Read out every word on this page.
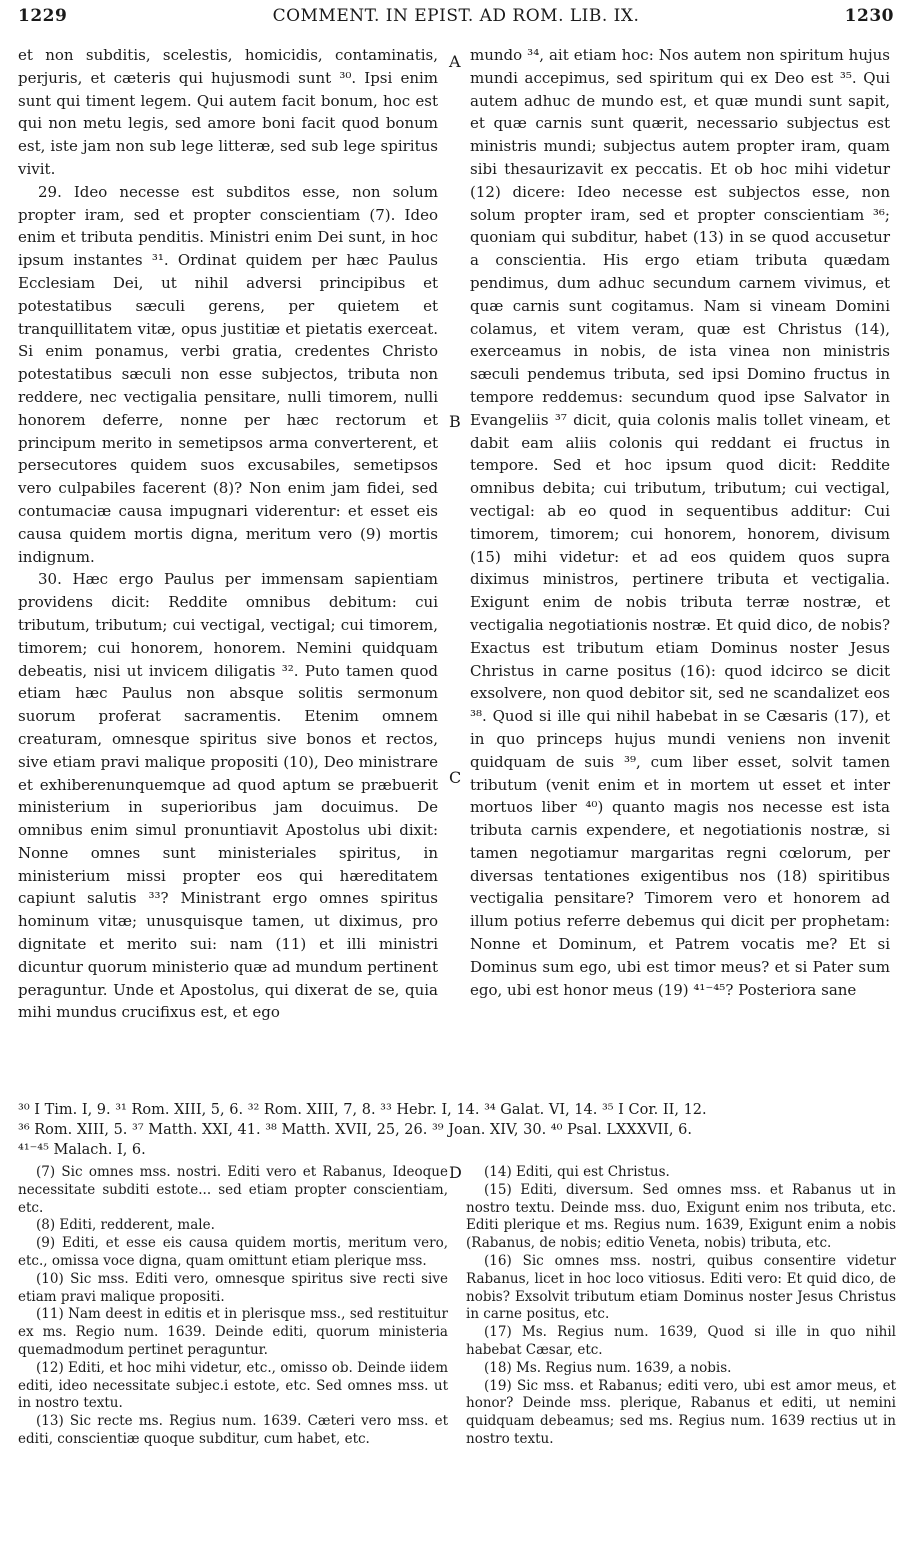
1229	COMMENT. IN EPIST. AD ROM. LIB. IX.	1230

et non subditis, scelestis, homicidis, contaminatis, perjuris, et cæteris qui hujusmodi sunt ³⁰. Ipsi enim sunt qui timent legem. Qui autem facit bonum, hoc est qui non metu legis, sed amore boni facit quod bonum est, iste jam non sub lege litteræ, sed sub lege spiritus vivit.

29. Ideo necesse est subditos esse, non solum propter iram, sed et propter conscientiam (7). Ideo enim et tributa penditis. Ministri enim Dei sunt, in hoc ipsum instantes ³¹. Ordinat quidem per hæc Paulus Ecclesiam Dei, ut nihil adversi principibus et potestatibus sæculi gerens, per quietem et tranquillitatem vitæ, opus justitiæ et pietatis exerceat. Si enim ponamus, verbi gratia, credentes Christo potestatibus sæculi non esse subjectos, tributa non reddere, nec vectigalia pensitare, nulli timorem, nulli honorem deferre, nonne per hæc rectorum et principum merito in semetipsos arma converterent, et persecutores quidem suos excusabiles, semetipsos vero culpabiles facerent (8)? Non enim jam fidei, sed contumaciæ causa impugnari viderentur: et esset eis causa quidem mortis digna, meritum vero (9) mortis indignum.

30. Hæc ergo Paulus per immensam sapientiam providens dicit: Reddite omnibus debitum: cui tributum, tributum; cui vectigal, vectigal; cui timorem, timorem; cui honorem, honorem. Nemini quidquam debeatis, nisi ut invicem diligatis ³². Puto tamen quod etiam hæc Paulus non absque solitis sermonum suorum proferat sacramentis. Etenim omnem creaturam, omnesque spiritus sive bonos et rectos, sive etiam pravi malique propositi (10), Deo ministrare et exhiberenunquemque ad quod aptum se præbuerit ministerium in superioribus jam docuimus. De omnibus enim simul pronuntiavit Apostolus ubi dixit: Nonne omnes sunt ministeriales spiritus, in ministerium missi propter eos qui hæreditatem capiunt salutis ³³? Ministrant ergo omnes spiritus hominum vitæ; unusquisque tamen, ut diximus, pro dignitate et merito sui: nam (11) et illi ministri dicuntur quorum ministerio quæ ad mundum pertinent peraguntur. Unde et Apostolus, qui dixerat de se, quia mihi mundus crucifixus est, et ego

mundo ³⁴, ait etiam hoc: Nos autem non spiritum hujus mundi accepimus, sed spiritum qui ex Deo est ³⁵. Qui autem adhuc de mundo est, et quæ mundi sunt sapit, et quæ carnis sunt quærit, necessario subjectus est ministris mundi; subjectus autem propter iram, quam sibi thesaurizavit ex peccatis. Et ob hoc mihi videtur (12) dicere: Ideo necesse est subjectos esse, non solum propter iram, sed et propter conscientiam ³⁶; quoniam qui subditur, habet (13) in se quod accusetur a conscientia. His ergo etiam tributa quædam pendimus, dum adhuc secundum carnem vivimus, et quæ carnis sunt cogitamus. Nam si vineam Domini colamus, et vitem veram, quæ est Christus (14), exerceamus in nobis, de ista vinea non ministris sæculi pendemus tributa, sed ipsi Domino fructus in tempore reddemus: secundum quod ipse Salvator in Evangeliis ³⁷ dicit, quia colonis malis tollet vineam, et dabit eam aliis colonis qui reddant ei fructus in tempore. Sed et hoc ipsum quod dicit: Reddite omnibus debita; cui tributum, tributum; cui vectigal, vectigal: ab eo quod in sequentibus additur: Cui timorem, timorem; cui honorem, honorem, divisum (15) mihi videtur: et ad eos quidem quos supra diximus ministros, pertinere tributa et vectigalia. Exigunt enim de nobis tributa terræ nostræ, et vectigalia negotiationis nostræ. Et quid dico, de nobis? Exactus est tributum etiam Dominus noster Jesus Christus in carne positus (16): quod idcirco se dicit exsolvere, non quod debitor sit, sed ne scandalizet eos ³⁸. Quod si ille qui nihil habebat in se Cæsaris (17), et in quo princeps hujus mundi veniens non invenit quidquam de suis ³⁹, cum liber esset, solvit tamen tributum (venit enim et in mortem ut esset et inter mortuos liber ⁴⁰) quanto magis nos necesse est ista tributa carnis expendere, et negotiationis nostræ, si tamen negotiamur margaritas regni cœlorum, per diversas tentationes exigentibus nos (18) spiritibus vectigalia pensitare? Timorem vero et honorem ad illum potius referre debemus qui dicit per prophetam: Nonne et Dominum, et Patrem vocatis me? Et si Dominus sum ego, ubi est timor meus? et si Pater sum ego, ubi est honor meus (19) ⁴¹⁻⁴⁵? Posteriora sane

A
B
C
D
³⁰ I Tim. I, 9. ³¹ Rom. XIII, 5, 6. ³² Rom. XIII, 7, 8. ³³ Hebr. I, 14. ³⁴ Galat. VI, 14. ³⁵ I Cor. II, 12.
³⁶ Rom. XIII, 5. ³⁷ Matth. XXI, 41. ³⁸ Matth. XVII, 25, 26. ³⁹ Joan. XIV, 30. ⁴⁰ Psal. LXXXVII, 6.
⁴¹⁻⁴⁵ Malach. I, 6.

(7) Sic omnes mss. nostri. Editi vero et Rabanus, Ideoque necessitate subditi estote... sed etiam propter conscientiam, etc.

(8) Editi, redderent, male.

(9) Editi, et esse eis causa quidem mortis, meritum vero, etc., omissa voce digna, quam omittunt etiam plerique mss.

(10) Sic mss. Editi vero, omnesque spiritus sive recti sive etiam pravi malique propositi.

(11) Nam deest in editis et in plerisque mss., sed restituitur ex ms. Regio num. 1639. Deinde editi, quorum ministeria quemadmodum pertinet peraguntur.

(12) Editi, et hoc mihi videtur, etc., omisso ob. Deinde iidem editi, ideo necessitate subjec.i estote, etc. Sed omnes mss. ut in nostro textu.

(13) Sic recte ms. Regius num. 1639. Cæteri vero mss. et editi, conscientiæ quoque subditur, cum habet, etc.

(14) Editi, qui est Christus.

(15) Editi, diversum. Sed omnes mss. et Rabanus ut in nostro textu. Deinde mss. duo, Exigunt enim nos tributa, etc. Editi plerique et ms. Regius num. 1639, Exigunt enim a nobis (Rabanus, de nobis; editio Veneta, nobis) tributa, etc.

(16) Sic omnes mss. nostri, quibus consentire videtur Rabanus, licet in hoc loco vitiosus. Editi vero: Et quid dico, de nobis? Exsolvit tributum etiam Dominus noster Jesus Christus in carne positus, etc.

(17) Ms. Regius num. 1639, Quod si ille in quo nihil habebat Cæsar, etc.

(18) Ms. Regius num. 1639, a nobis.

(19) Sic mss. et Rabanus; editi vero, ubi est amor meus, et honor? Deinde mss. plerique, Rabanus et editi, ut nemini quidquam debeamus; sed ms. Regius num. 1639 rectius ut in nostro textu.
